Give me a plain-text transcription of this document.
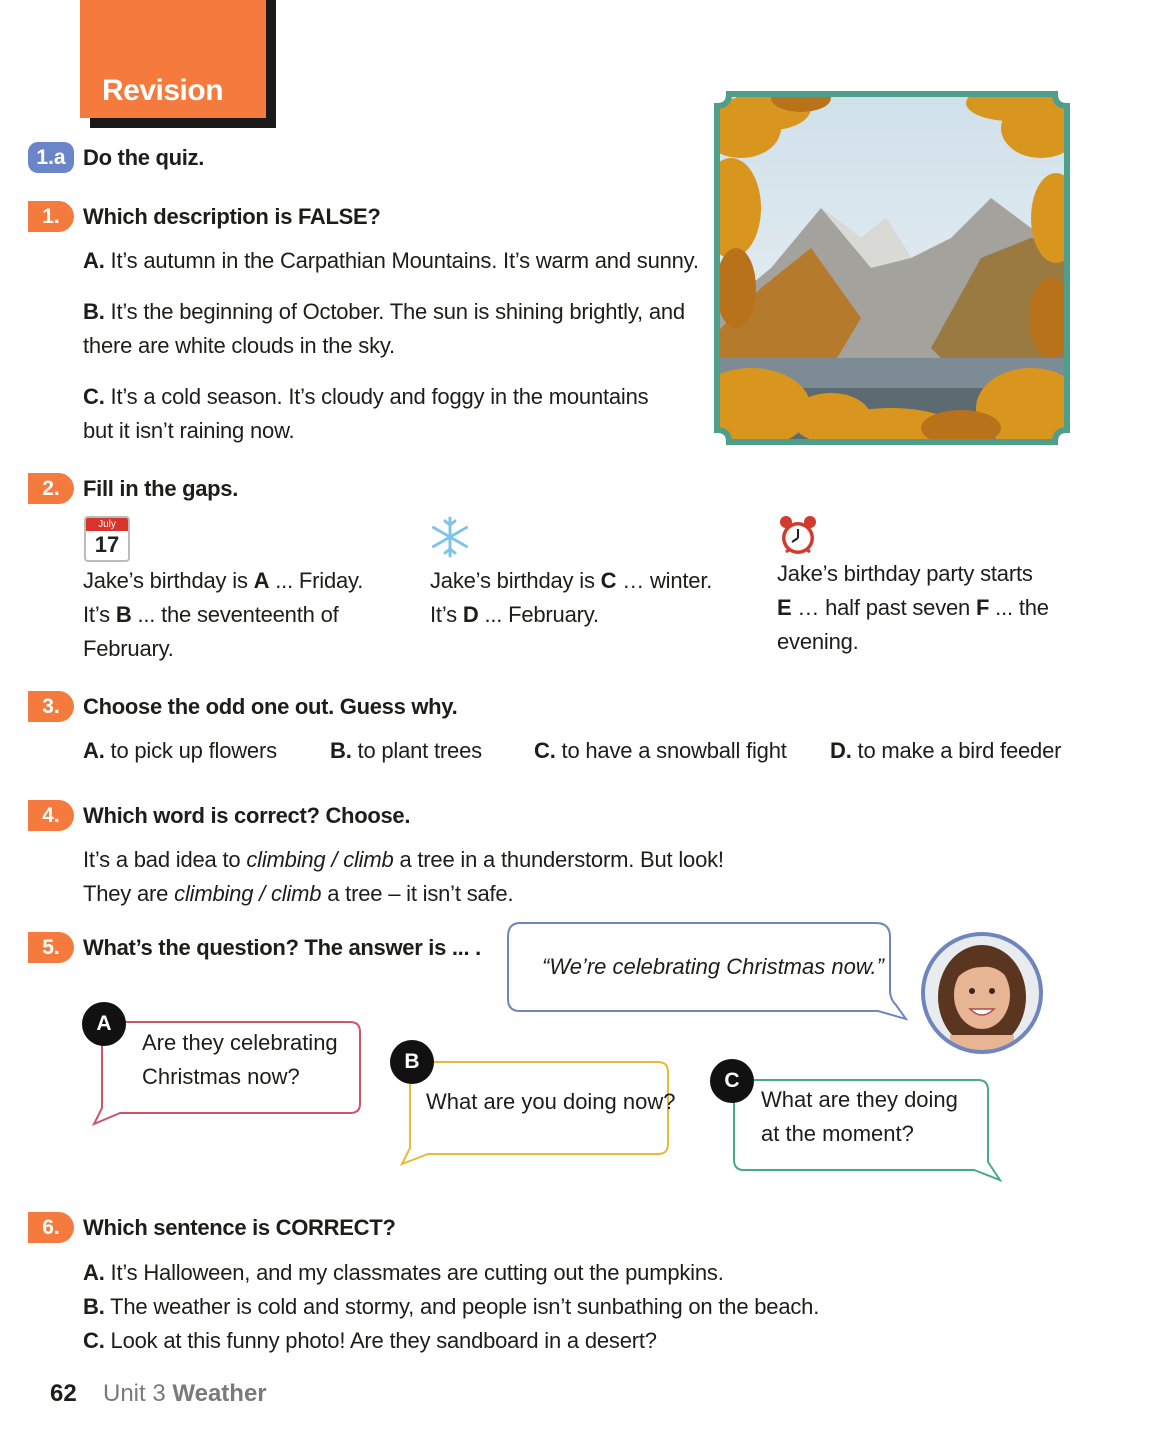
Revision
1.a Do the quiz.
1.	Which description is FALSE?
A. It’s autumn in the Carpathian Mountains. It’s warm and sunny.
B. It’s the beginning of October. The sun is shining brightly, and
there are white clouds in the sky.
C. It’s a cold season. It’s cloudy and foggy in the mountains
but it isn’t raining now.
2.	Fill in the gaps.
July
17
Jake’s birthday is A ... Friday.
It’s B ... the seventeenth of
February.
Jake’s birthday is C … winter.
It’s D ... February.
Jake’s birthday party starts
E … half past seven F ... the
evening.
3.	Choose the odd one out. Guess why.
A. to pick up flowers B. to plant trees C. to have a snowball fight D. to make a bird feeder
4.	Which word is correct? Choose.
It’s a bad idea to climbing / climb a tree in a thunderstorm. But look!
They are climbing / climb a tree – it isn’t safe.
5.	What’s the question? The answer is ... .
“We’re celebrating Christmas now.”
A
Are they celebrating
Christmas now?
B
What are you doing now?
C
What are they doing
at the moment?
6.	Which sentence is CORRECT?
A. It’s Halloween, and my classmates are cutting out the pumpkins.
B. The weather is cold and stormy, and people isn’t sunbathing on the beach.
C. Look at this funny photo! Are they sandboard in a desert?
62 Unit 3 Weather
